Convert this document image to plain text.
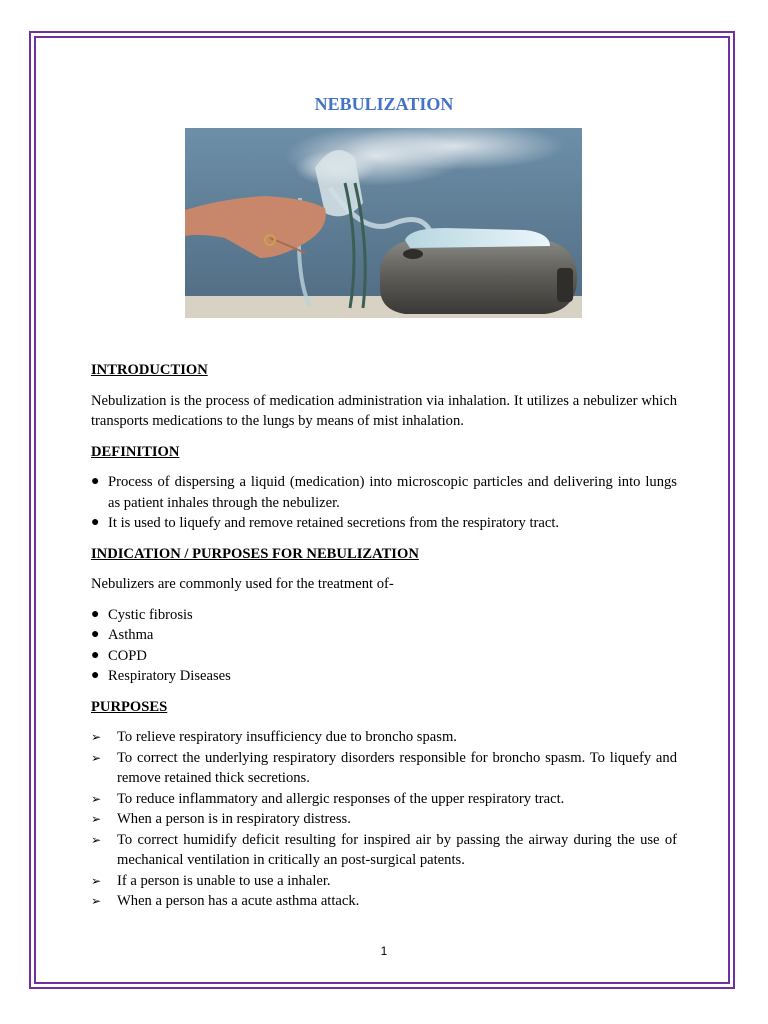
NEBULIZATION
INTRODUCTION

Nebulization is the process of medication administration via inhalation. It utilizes a nebulizer which transports medications to the lungs by means of mist inhalation.

DEFINITION
● Process of dispersing a liquid (medication) into microscopic particles and delivering into lungs as patient inhales through the nebulizer.
● It is used to liquefy and remove retained secretions from the respiratory tract.
INDICATION / PURPOSES FOR NEBULIZATION

Nebulizers are commonly used for the treatment of-

● Cystic fibrosis
● Asthma
● COPD
● Respiratory Diseases
PURPOSES
➢ To relieve respiratory insufficiency due to broncho spasm.
➢ To correct the underlying respiratory disorders responsible for broncho spasm. To liquefy and remove retained thick secretions.
➢ To reduce inflammatory and allergic responses of the upper respiratory tract.
➢ When a person is in respiratory distress.
➢ To correct humidify deficit resulting for inspired air by passing the airway during the use of mechanical ventilation in critically an post-surgical patents.
➢ If a person is unable to use a inhaler.
➢ When a person has a acute asthma attack.
1
